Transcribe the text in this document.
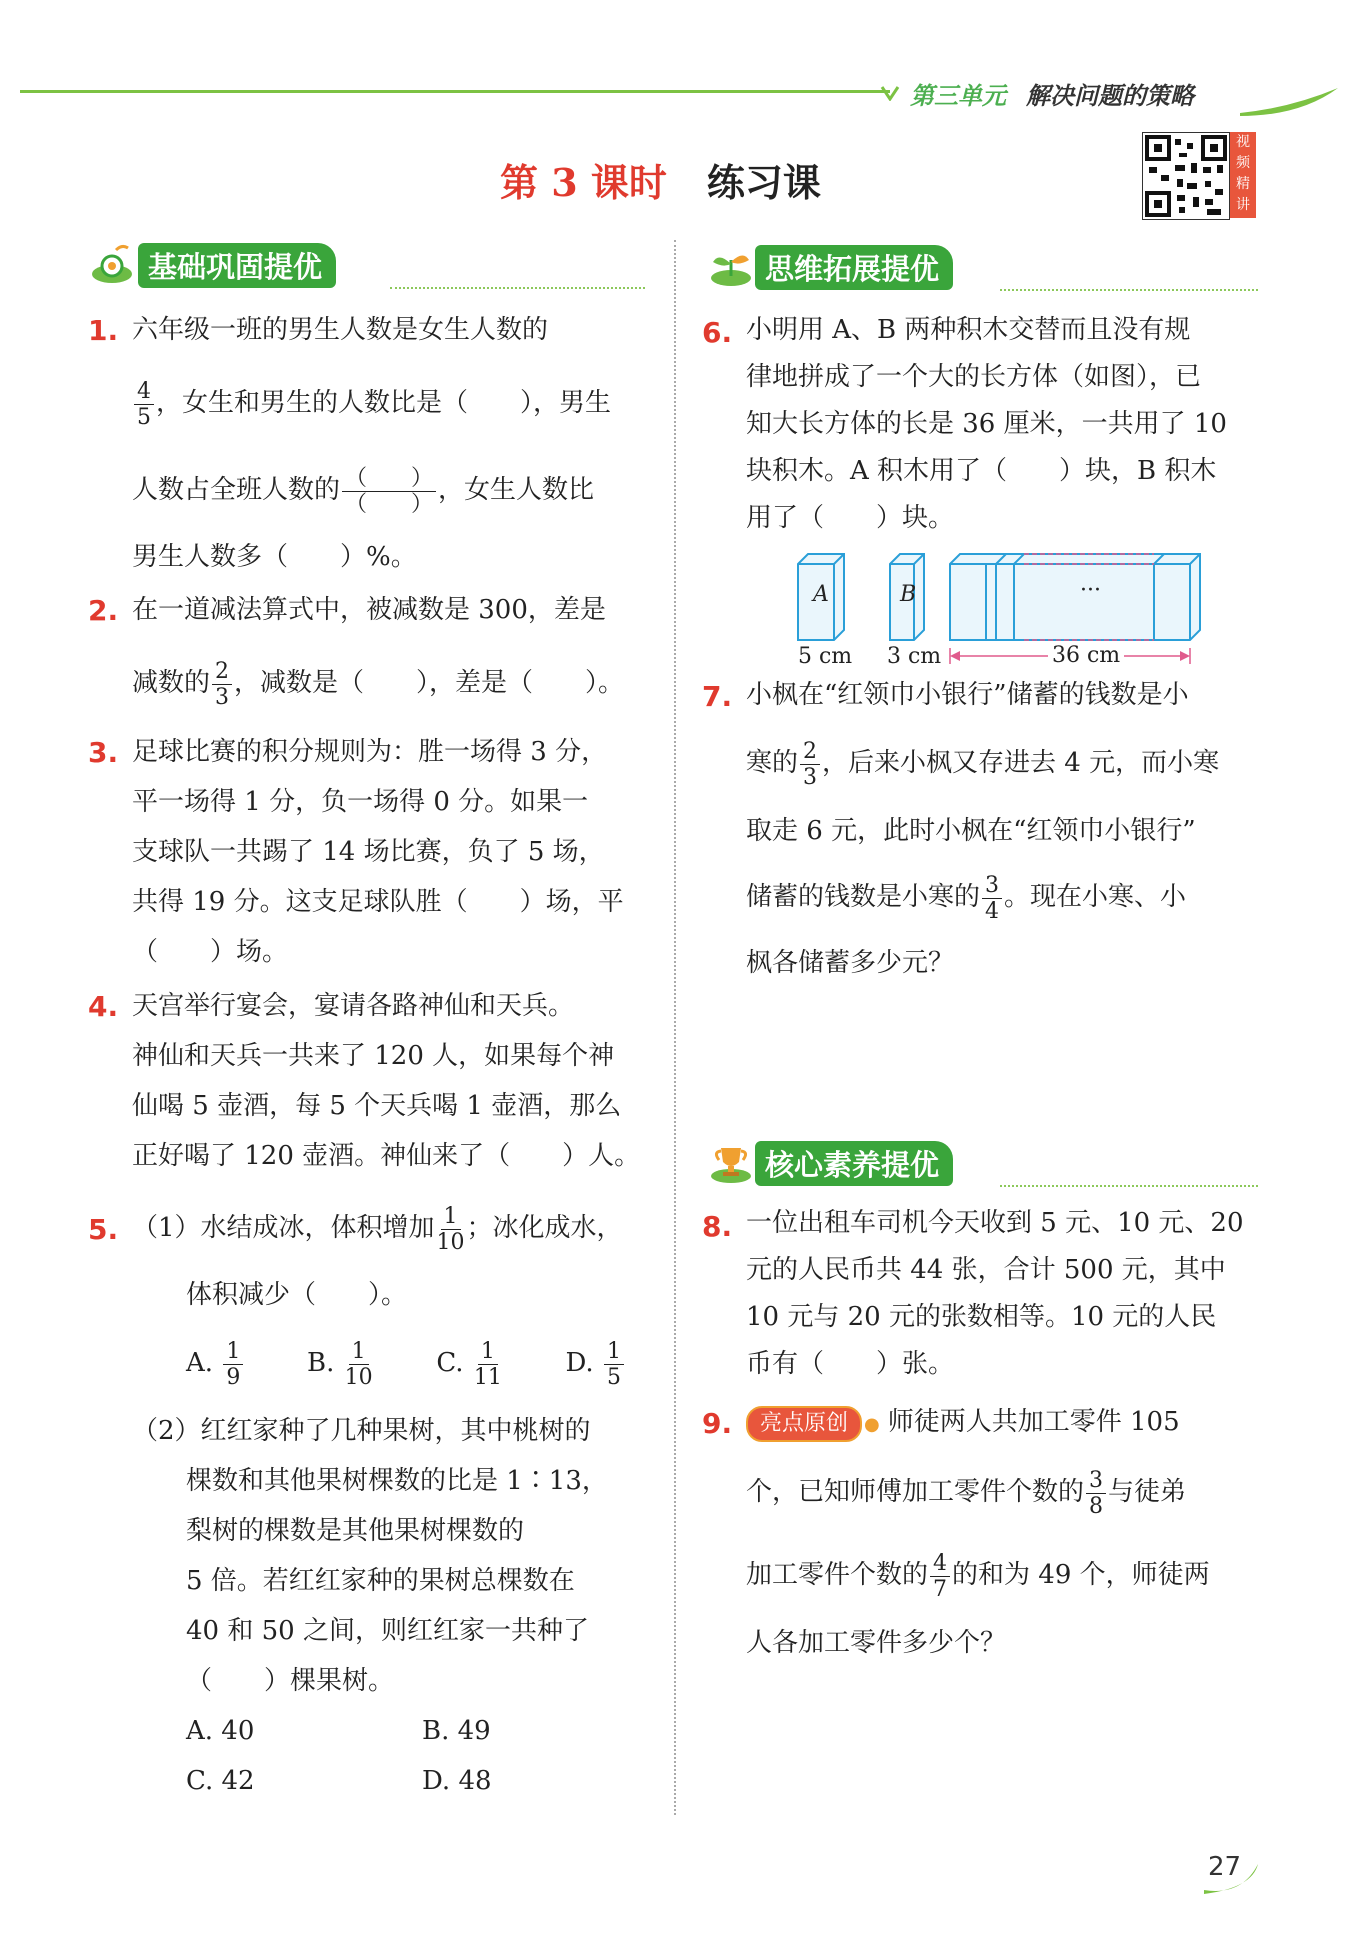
第三单元 解决问题的策略
第 3 课时 练习课
视
频
精
讲
基础巩固提优	思维拓展提优
1. 六年级一班的男生人数是女生人数的
$\frac{4}{5}$ ，女生和男生的人数比是（　　），男生
人数占全班人数的 $\frac{( )}{( )}$ ，女生人数比
男生人数多（　　）%。
2. 在一道减法算式中，被减数是 300，差是
减数的 $\frac{2}{3}$ ，减数是（　　），差是（　　）。
3. 足球比赛的积分规则为：胜一场得 3 分，
平一场得 1 分，负一场得 0 分。如果一
支球队一共踢了 14 场比赛，负了 5 场，
共得 19 分。这支足球队胜（　　）场，平
（　　）场。
4. 天宫举行宴会，宴请各路神仙和天兵。
神仙和天兵一共来了 120 人，如果每个神
仙喝 5 壶酒，每 5 个天兵喝 1 壶酒，那么
正好喝了 120 壶酒。神仙来了（　　）人。
5. （1）水结成冰，体积增加 $\frac{1}{10}$ ；冰化成水，
体积减少（　　）。
A. $\frac{1}{9} B$. $\frac{1}{10} C$. $\frac{1}{11} D$. $\frac{1}{5}$
（2）红红家种了几种果树，其中桃树的
棵数和其他果树棵数的比是 1∶13，
梨树的棵数是其他果树棵数的
5 倍。若红红家种的果树总棵数在
40 和 50 之间，则红红家一共种了
（　　）棵果树。
A. 40	B. 49
C. 42	D. 48
6. 小明用 A、B 两种积木交替而且没有规
律地拼成了一个大的长方体（如图），已
知大长方体的长是 36 厘米，一共用了 10
块积木。A 积木用了（　　）块，B 积木
用了（　　）块。
A	B	···
5 cm 3 cm	36 cm
7. 小枫在“红领巾小银行”储蓄的钱数是小
寒的 $\frac{2}{3}$ ，后来小枫又存进去 4 元，而小寒
取走 6 元，此时小枫在“红领巾小银行”
储蓄的钱数是小寒的 $\frac{3}{4}$ 。现在小寒、小
枫各储蓄多少元？
核心素养提优
8. 一位出租车司机今天收到 5 元、10 元、20
元的人民币共 44 张，合计 500 元，其中
10 元与 20 元的张数相等。10 元的人民
币有（　　）张。
9.	亮点原创 ● 师徒两人共加工零件 105
个，已知师傅加工零件个数的 $\frac{3}{8}$ 与徒弟
加工零件个数的 $\frac{4}{7}$ 的和为 49 个，师徒两
人各加工零件多少个？
27
